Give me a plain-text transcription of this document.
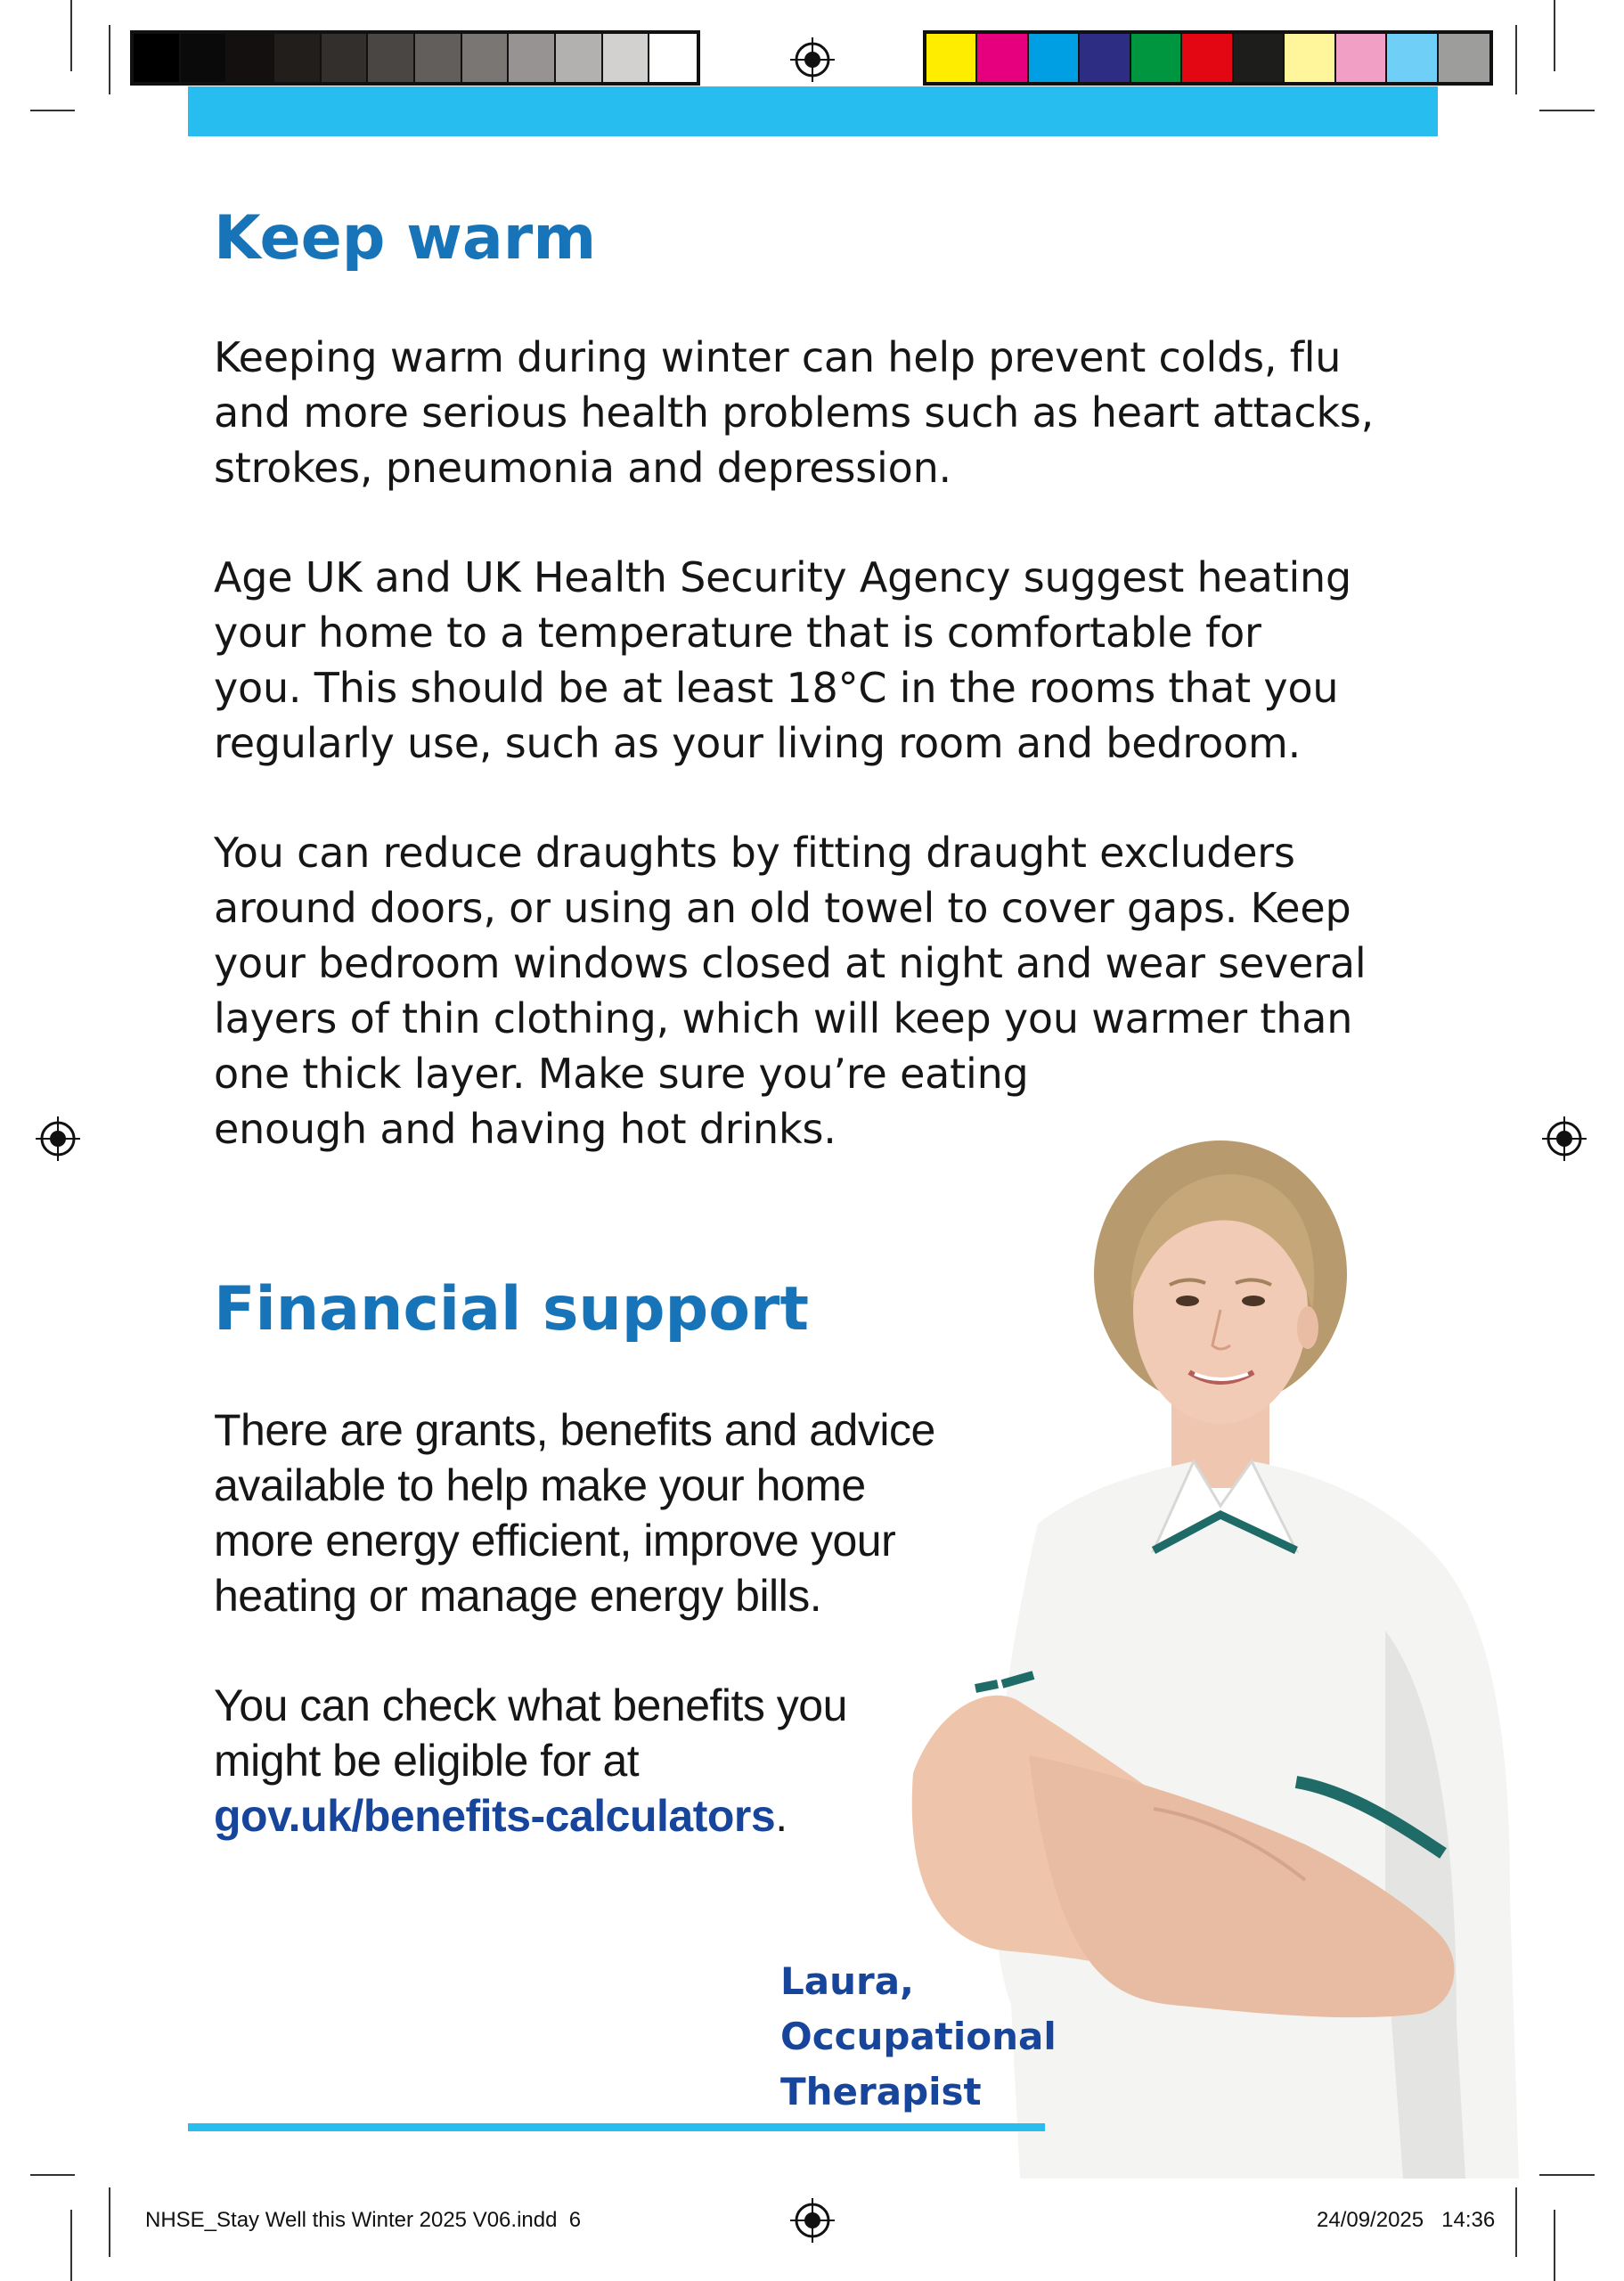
Keep warm

Keeping warm during winter can help prevent colds, flu
and more serious health problems such as heart attacks,
strokes, pneumonia and depression.

Age UK and UK Health Security Agency suggest heating
your home to a temperature that is comfortable for
you. This should be at least 18°C in the rooms that you
regularly use, such as your living room and bedroom.

You can reduce draughts by fitting draught excluders
around doors, or using an old towel to cover gaps. Keep
your bedroom windows closed at night and wear several
layers of thin clothing, which will keep you warmer than
one thick layer. Make sure you’re eating
enough and having hot drinks.

Financial support

There are grants, benefits and advice
available to help make your home
more energy efficient, improve your
heating or manage energy bills.

You can check what benefits you
might be eligible for at
gov.uk/benefits-calculators.

Laura,
Occupational
Therapist

NHSE_Stay Well this Winter 2025 V06.indd 6	24/09/2025 14:36
